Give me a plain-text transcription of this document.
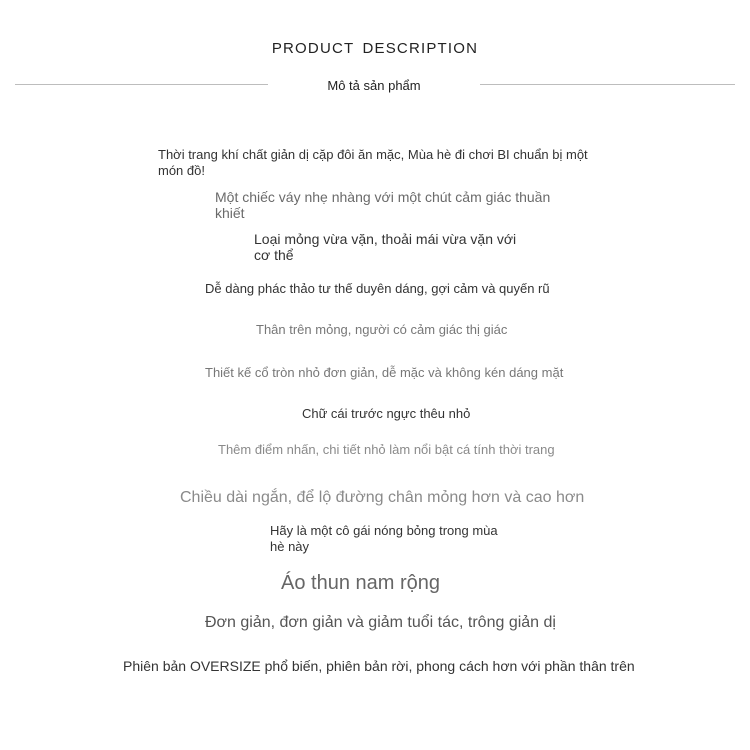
PRODUCT DESCRIPTION
Mô tả sản phẩm
Thời trang khí chất giản dị cặp đôi ăn mặc, Mùa hè đi chơi BI chuẩn bị một món đồ!
Một chiếc váy nhẹ nhàng với một chút cảm giác thuần khiết
Loại mỏng vừa vặn, thoải mái vừa vặn với cơ thể
Dễ dàng phác thảo tư thế duyên dáng, gợi cảm và quyến rũ
Thân trên mỏng, người có cảm giác thị giác
Thiết kế cổ tròn nhỏ đơn giản, dễ mặc và không kén dáng mặt
Chữ cái trước ngực thêu nhỏ
Thêm điểm nhấn, chi tiết nhỏ làm nổi bật cá tính thời trang
Chiều dài ngắn, để lộ đường chân mỏng hơn và cao hơn
Hãy là một cô gái nóng bỏng trong mùa hè này
Áo thun nam rộng
Đơn giản, đơn giản và giảm tuổi tác, trông giản dị
Phiên bản OVERSIZE phổ biến, phiên bản rời, phong cách hơn với phần thân trên
